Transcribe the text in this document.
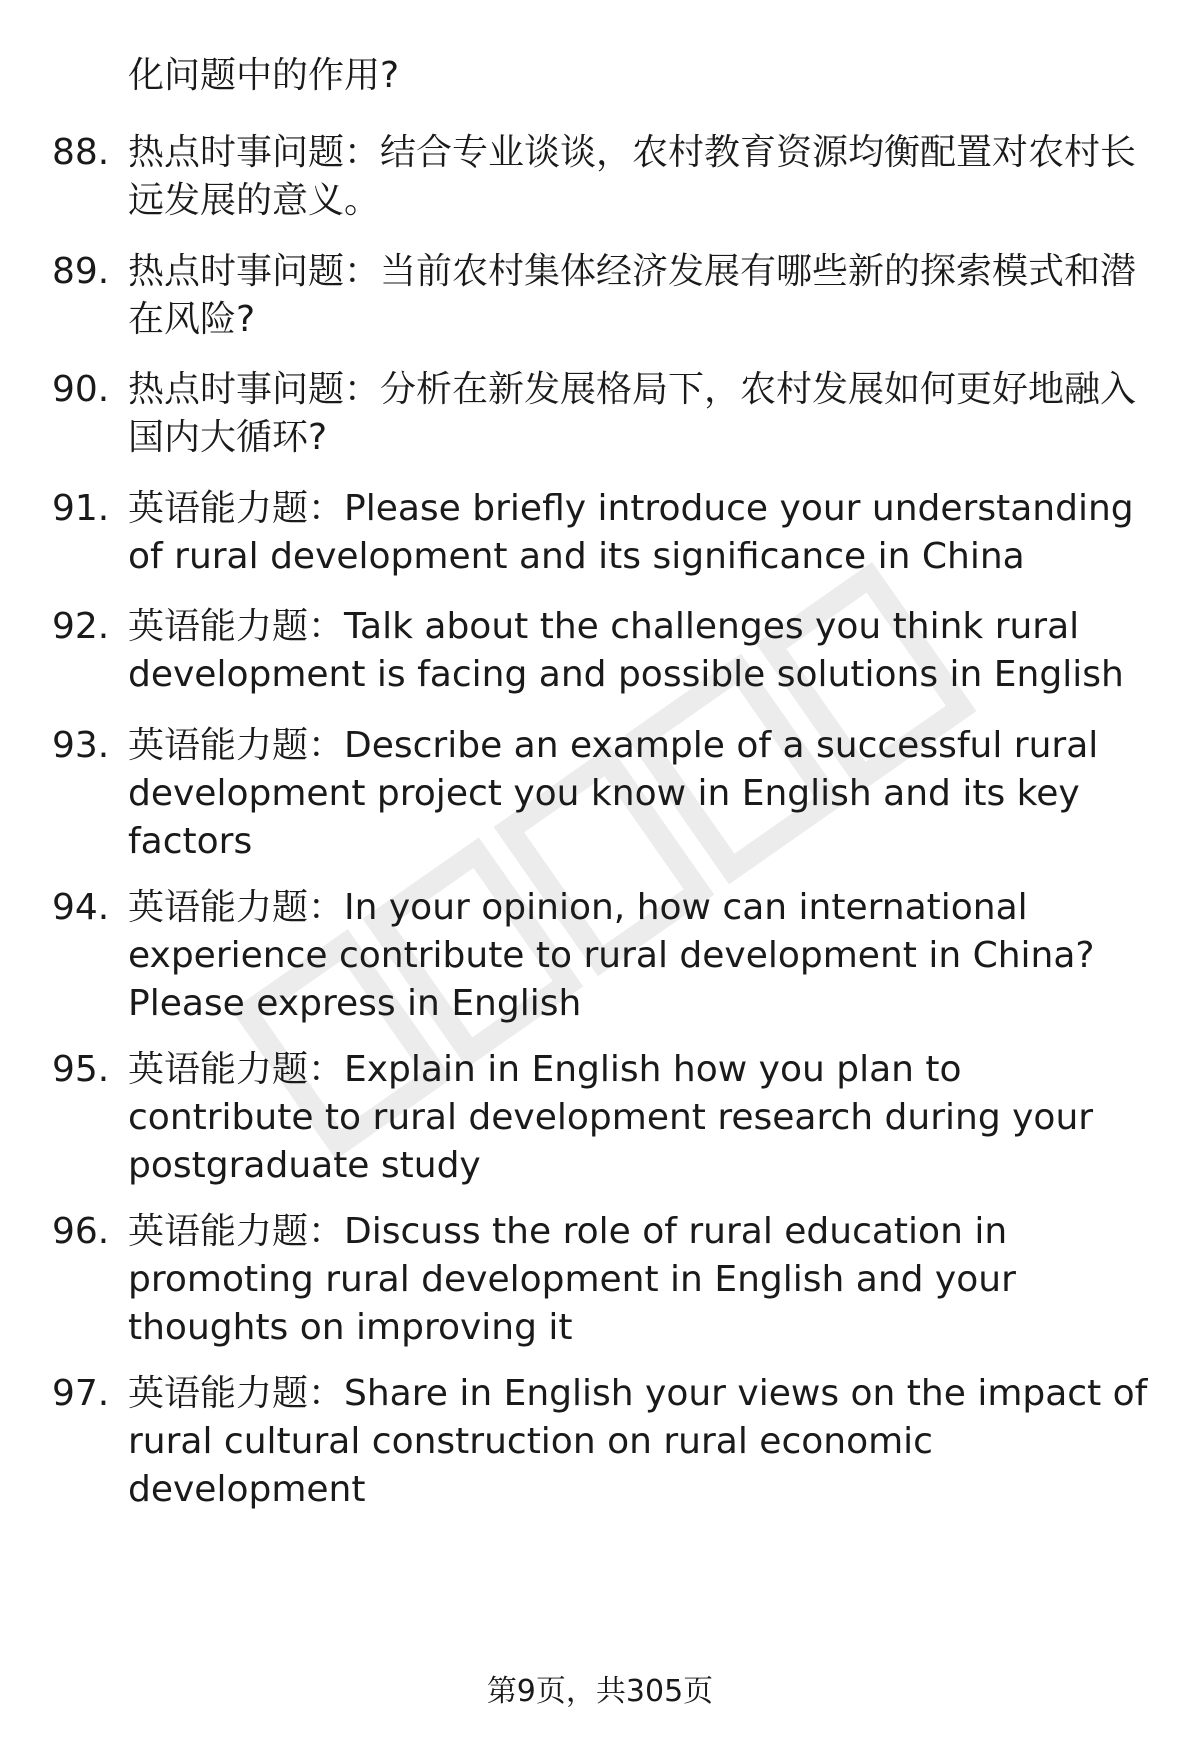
化问题中的作用?
88. 热点时事问题：结合专业谈谈，农村教育资源均衡配置对农村长远发展的意义。
89. 热点时事问题：当前农村集体经济发展有哪些新的探索模式和潜在风险?
90. 热点时事问题：分析在新发展格局下，农村发展如何更好地融入国内大循环?
91. 英语能力题：Please briefly introduce your understanding of rural development and its significance in China
92. 英语能力题：Talk about the challenges you think rural development is facing and possible solutions in English
93. 英语能力题：Describe an example of a successful rural development project you know in English and its key factors
94. 英语能力题：In your opinion, how can international experience contribute to rural development in China? Please express in English
95. 英语能力题：Explain in English how you plan to contribute to rural development research during your postgraduate study
96. 英语能力题：Discuss the role of rural education in promoting rural development in English and your thoughts on improving it
97. 英语能力题：Share in English your views on the impact of rural cultural construction on rural economic development
第9页，共305页
